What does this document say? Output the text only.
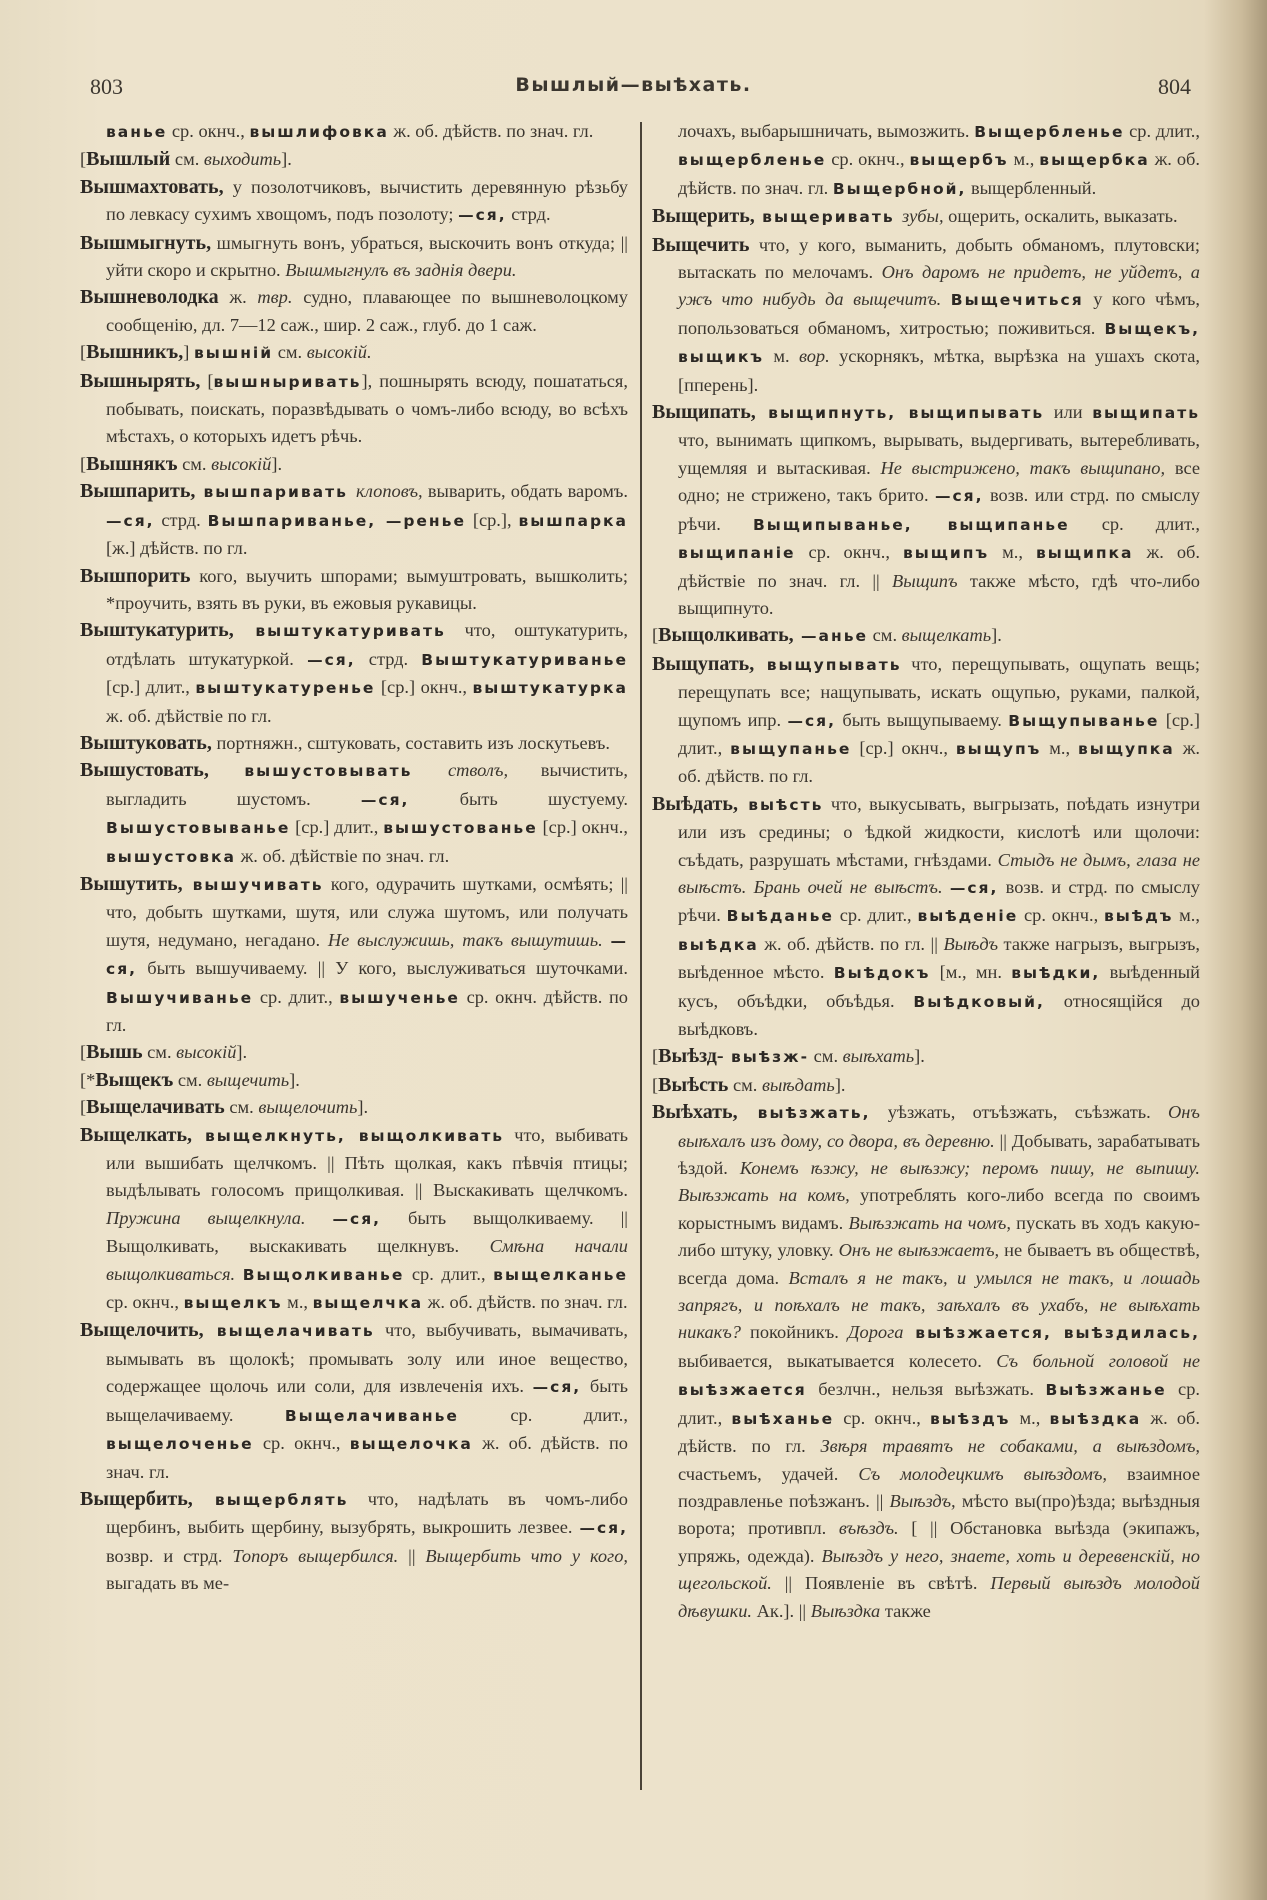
803	Вышлый—выѣхать.	804

ванье ср. окнч., вышлифовка ж. об. дѣйств. по знач. гл.

[Вышлый см. выходить].

Вышмахтовать, у позолотчиковъ, вычистить деревянную рѣзьбу по левкасу сухимъ хвощомъ, подъ позолоту; —ся, стрд.

Вышмыгнуть, шмыгнуть вонъ, убраться, выскочить вонъ откуда; || уйти скоро и скрытно. Вышмыгнулъ въ заднія двери.

Вышневолодка ж. твр. судно, плавающее по вышневолоцкому сообщенію, дл. 7—12 саж., шир. 2 саж., глуб. до 1 саж.

[Вышникъ,] вышній см. высокій.

Вышнырять, [вышныривать], пошнырять всюду, пошататься, побывать, поискать, поразвѣдывать о чомъ-либо всюду, во всѣхъ мѣстахъ, о которыхъ идетъ рѣчь.

[Вышнякъ см. высокій].

Вышпарить, вышпаривать клоповъ, выварить, обдать варомъ. —ся, стрд. Вышпариванье, —ренье [ср.], вышпарка [ж.] дѣйств. по гл.

Вышпорить кого, выучить шпорами; вымуштровать, вышколить; *проучить, взять въ руки, въ ежовыя рукавицы.

Выштукатурить, выштукатуривать что, оштукатурить, отдѣлать штукатуркой. —ся, стрд. Выштукатуриванье [ср.] длит., выштукатуренье [ср.] окнч., выштукатурка ж. об. дѣйствіе по гл.

Выштуковать, портняжн., сштуковать, составить изъ лоскутьевъ.

Вышустовать, вышустовывать стволъ, вычистить, выгладить шустомъ. —ся, быть шустуему. Вышустовыванье [ср.] длит., вышустованье [ср.] окнч., вышустовка ж. об. дѣйствіе по знач. гл.

Вышутить, вышучивать кого, одурачить шутками, осмѣять; || что, добыть шутками, шутя, или служа шутомъ, или получать шутя, недумано, негадано. Не выслужишь, такъ вышутишь. —ся, быть вышучиваему. || У кого, выслуживаться шуточками. Вышучиванье ср. длит., вышученье ср. окнч. дѣйств. по гл.

[Вышь см. высокій].

[*Выщекъ см. выщечить].

[Выщелачивать см. выщелочить].

Выщелкать, выщелкнуть, выщолкивать что, выбивать или вышибать щелчкомъ. || Пѣть щолкая, какъ пѣвчія птицы; выдѣлывать голосомъ прищолкивая. || Выскакивать щелчкомъ. Пружина выщелкнула. —ся, быть выщолкиваему. || Выщолкивать, выскакивать щелкнувъ. Смѣна начали выщолкиваться. Выщолкиванье ср. длит., выщелканье ср. окнч., выщелкъ м., выщелчка ж. об. дѣйств. по знач. гл.

Выщелочить, выщелачивать что, выбучивать, вымачивать, вымывать въ щолокѣ; промывать золу или иное вещество, содержащее щолочь или соли, для извлеченія ихъ. —ся, быть выщелачиваему. Выщелачиванье ср. длит., выщелоченье ср. окнч., выщелочка ж. об. дѣйств. по знач. гл.

Выщербить, выщерблять что, надѣлать въ чомъ-либо щербинъ, выбить щербину, вызубрять, выкрошить лезвее. —ся, возвр. и стрд. Топоръ выщербился. || Выщербить что у кого, выгадать въ ме-

лочахъ, выбарышничать, вымозжить. Выщербленье ср. длит., выщербленье ср. окнч., выщербъ м., выщербка ж. об. дѣйств. по знач. гл. Выщербной, выщербленный.

Выщерить, выщеривать зубы, ощерить, оскалить, выказать.

Выщечить что, у кого, выманить, добыть обманомъ, плутовски; вытаскать по мелочамъ. Онъ даромъ не придетъ, не уйдетъ, а ужъ что нибудь да выщечитъ. Выщечиться у кого чѣмъ, попользоваться обманомъ, хитростью; поживиться. Выщекъ, выщикъ м. вор. ускорнякъ, мѣтка, вырѣзка на ушахъ скота, [пперень].

Выщипать, выщипнуть, выщипывать или выщипать что, вынимать щипкомъ, вырывать, выдергивать, вытеребливать, ущемляя и вытаскивая. Не выстрижено, такъ выщипано, все одно; не стрижено, такъ брито. —ся, возв. или стрд. по смыслу рѣчи. Выщипыванье, выщипанье ср. длит., выщипаніе ср. окнч., выщипъ м., выщипка ж. об. дѣйствіе по знач. гл. || Выщипъ также мѣсто, гдѣ что-либо выщипнуто.

[Выщолкивать, —анье см. выщелкать].

Выщупать, выщупывать что, перещупывать, ощупать вещь; перещупать все; нащупывать, искать ощупью, руками, палкой, щупомъ ипр. —ся, быть выщупываему. Выщупыванье [ср.] длит., выщупанье [ср.] окнч., выщупъ м., выщупка ж. об. дѣйств. по гл.

Выѣдать, выѣсть что, выкусывать, выгрызать, поѣдать изнутри или изъ средины; о ѣдкой жидкости, кислотѣ или щолочи: съѣдать, разрушать мѣстами, гнѣздами. Стыдъ не дымъ, глаза не выѣстъ. Брань очей не выѣстъ. —ся, возв. и стрд. по смыслу рѣчи. Выѣданье ср. длит., выѣденіе ср. окнч., выѣдъ м., выѣдка ж. об. дѣйств. по гл. || Выѣдъ также нагрызъ, выгрызъ, выѣденное мѣсто. Выѣдокъ [м., мн. выѣдки, выѣденный кусъ, объѣдки, объѣдья. Выѣдковый, относящійся до выѣдковъ.

[Выѣзд- выѣзж- см. выѣхать].

[Выѣсть см. выѣдать].

Выѣхать, выѣзжать, уѣзжать, отъѣзжать, съѣзжать. Онъ выѣхалъ изъ дому, со двора, въ деревню. || Добывать, зарабатывать ѣздой. Конемъ ѣзжу, не выѣзжу; перомъ пишу, не выпишу. Выѣзжать на комъ, употреблять кого-либо всегда по своимъ корыстнымъ видамъ. Выѣзжать на чомъ, пускать въ ходъ какую-либо штуку, уловку. Онъ не выѣзжаетъ, не бываетъ въ обществѣ, всегда дома. Всталъ я не такъ, и умылся не такъ, и лошадь запрягъ, и поѣхалъ не такъ, заѣхалъ въ ухабъ, не выѣхать никакъ? покойникъ. Дорога выѣзжается, выѣздилась, выбивается, выкатывается колесето. Съ больной головой не выѣзжается безлчн., нельзя выѣзжать. Выѣзжанье ср. длит., выѣханье ср. окнч., выѣздъ м., выѣздка ж. об. дѣйств. по гл. Звѣря травятъ не собаками, а выѣздомъ, счастьемъ, удачей. Съ молодецкимъ выѣздомъ, взаимное поздравленье поѣзжанъ. || Выѣздъ, мѣсто вы(про)ѣзда; выѣздныя ворота; противпл. въѣздъ. [ || Обстановка выѣзда (экипажъ, упряжь, одежда). Выѣздъ у него, знаете, хоть и деревенскій, но щегольской. || Появленіе въ свѣтѣ. Первый выѣздъ молодой дѣвушки. Ак.]. || Выѣздка также
